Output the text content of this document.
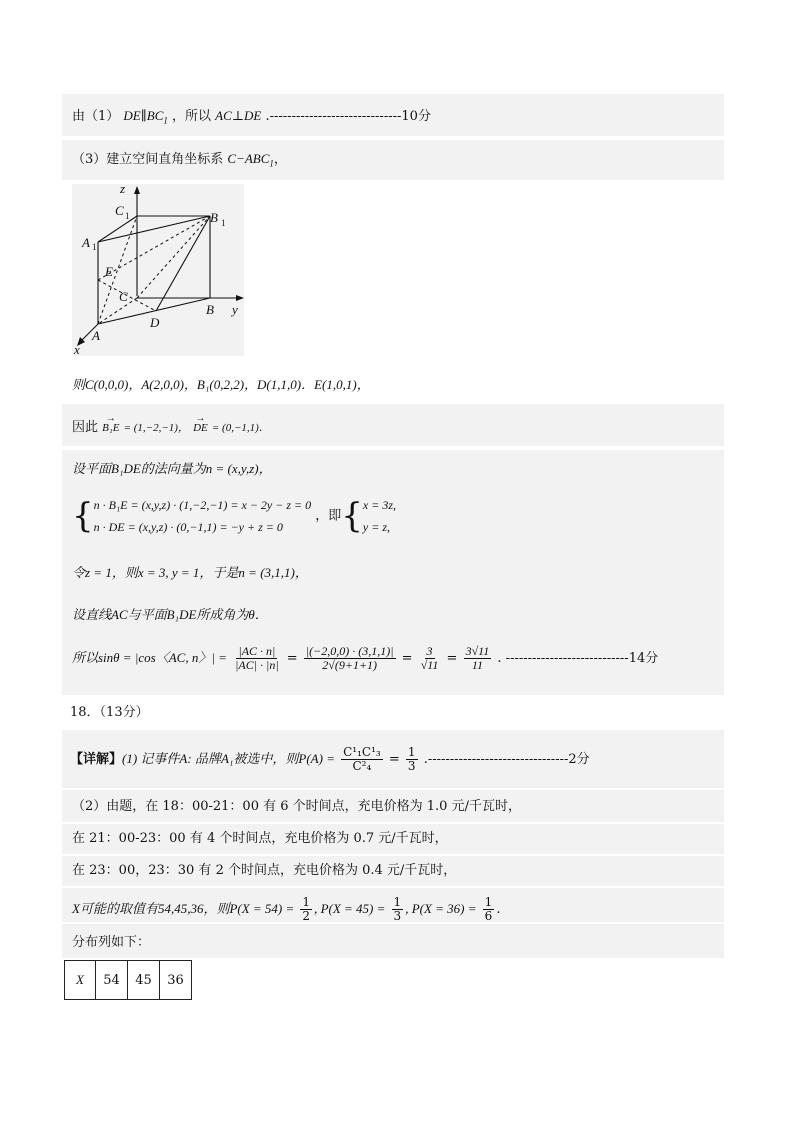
由（1） $DE\parallel BC_1$ ，所以 AC⊥DE .------------------------------10分
（3）建立空间直角坐标系 $C-ABC_1$，
z
y
x
C 1	B 1
A 1
E
C
D
B
A
则C(0,0,0)，A(2,0,0)，B₁(0,2,2)，D(1,1,0)．E(1,0,1)，
因此 → B₁E = (1,−2,−1)， → DE = (0,−1,1)．
设平面B₁DE的法向量为n = (x,y,z)，
{n · B₁E = (x,y,z) · (1,−2,−1) = x − 2y − z = 0
n · DE = (x,y,z) · (0,−1,1) = −y + z = 0 ，即{x = 3z,
y = z,
令z = 1，则x = 3, y = 1，于是n = (3,1,1)，
设直线AC与平面B₁DE所成角为θ．
所以sinθ = |cos〈AC, n〉| = $\frac{|AC \cdot n|}{|AC| \cdot |n|} = \frac{|(-2,0,0) \cdot (3,1,1)|}{2√(9+1+1)} = \frac{3}{√11} = \frac{3√11}{11}$ . ----------------------------14分
18．（13分）
【详解】(1) 记事件A: 品牌A₁被选中，则$P(A) = \frac{\text{C¹₁C¹₃}}{\text{C²₄}} = \frac{1}{3} .--------------------------------2$分
（2）由题，在 18：00-21：00 有 6 个时间点，充电价格为 1.0 元/千瓦时，
在 21：00-23：00 有 4 个时间点，充电价格为 0.7 元/千瓦时，
在 23：00，23：30 有 2 个时间点，充电价格为 0.4 元/千瓦时，
X可能的取值有54,45,36，则$P(X = 54) = \frac{1}{2}$ , $P(X = 45) = \frac{1}{3}$ , $P(X = 36) = \frac{1}{6}$ .
分布列如下：
X	54	45	36
